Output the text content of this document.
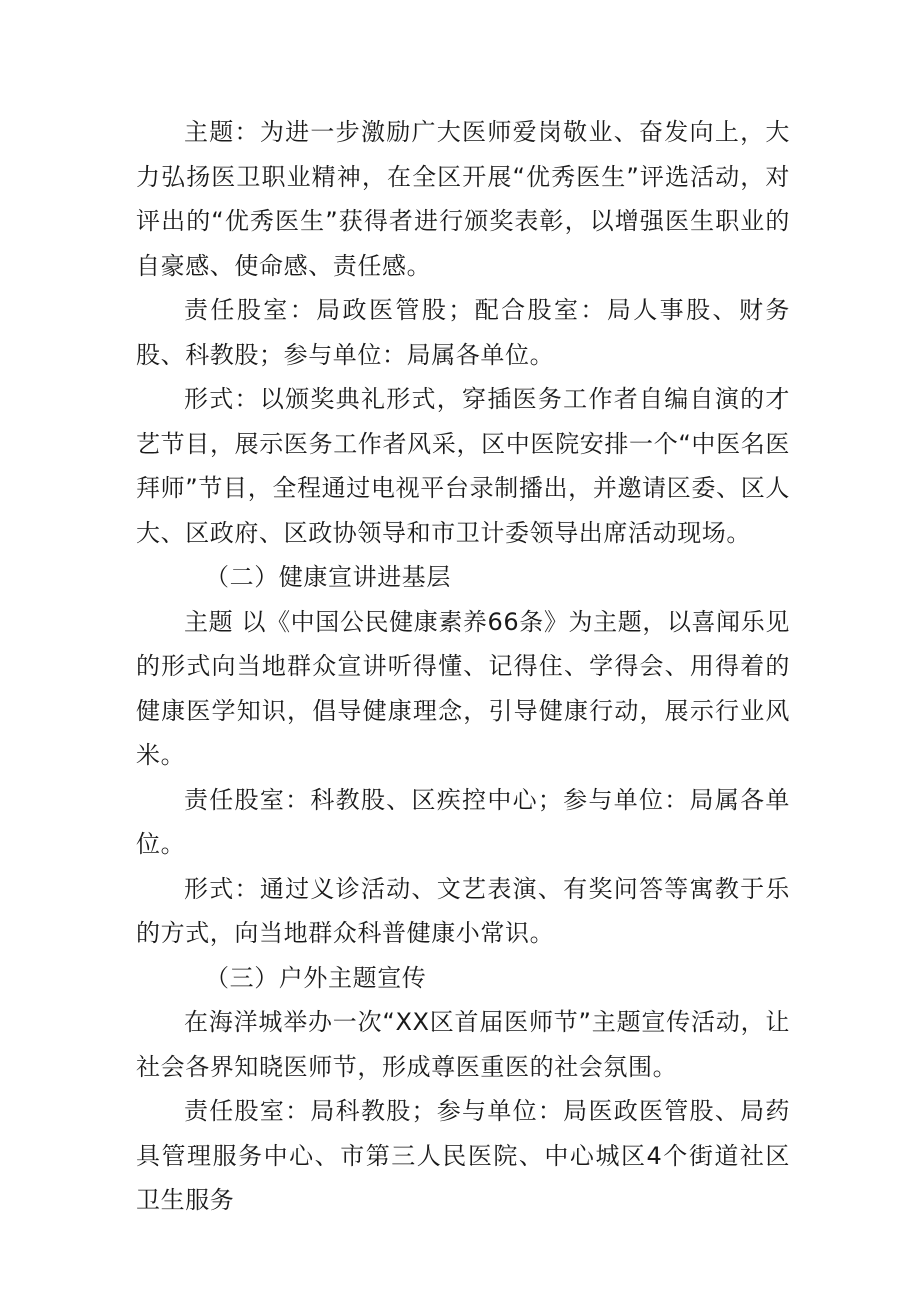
主题：为进一步激励广大医师爱岗敬业、奋发向上，大力弘扬医卫职业精神，在全区开展“优秀医生”评选活动，对评出的“优秀医生”获得者进行颁奖表彰，以增强医生职业的自豪感、使命感、责任感。

责任股室：局政医管股；配合股室：局人事股、财务股、科教股；参与单位：局属各单位。

形式：以颁奖典礼形式，穿插医务工作者自编自演的才艺节目，展示医务工作者风采，区中医院安排一个“中医名医拜师”节目，全程通过电视平台录制播出，并邀请区委、区人大、区政府、区政协领导和市卫计委领导出席活动现场。

（二）健康宣讲进基层

主题 以《中国公民健康素养66条》为主题，以喜闻乐见的形式向当地群众宣讲听得懂、记得住、学得会、用得着的健康医学知识，倡导健康理念，引导健康行动，展示行业风米。

责任股室：科教股、区疾控中心；参与单位：局属各单位。

形式：通过义诊活动、文艺表演、有奖问答等寓教于乐的方式，向当地群众科普健康小常识。

（三）户外主题宣传

在海洋城举办一次“XX区首届医师节”主题宣传活动，让社会各界知晓医师节，形成尊医重医的社会氛围。

责任股室：局科教股；参与单位：局医政医管股、局药具管理服务中心、市第三人民医院、中心城区4个街道社区卫生服务
